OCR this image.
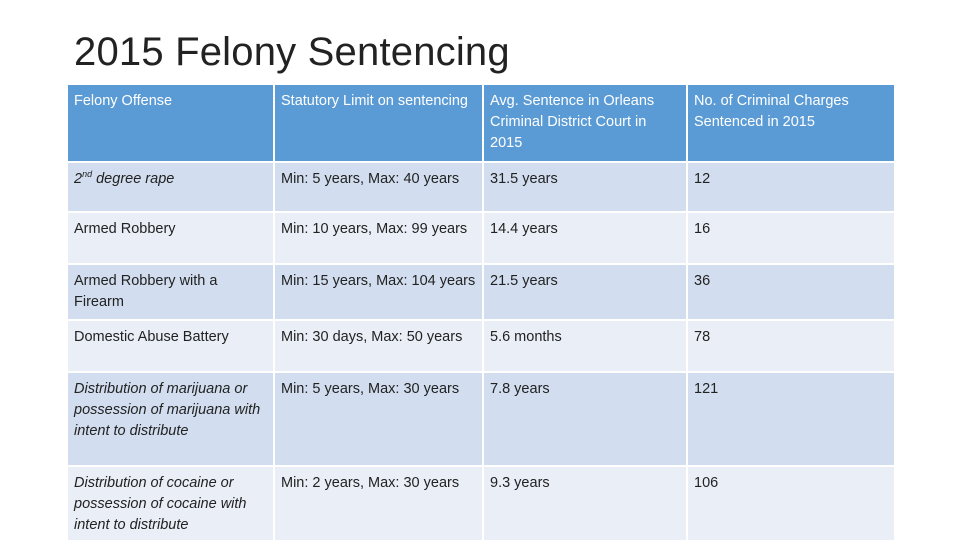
2015 Felony Sentencing
Felony Offense	Statutory Limit on sentencing	Avg. Sentence in Orleans Criminal District Court in 2015	No. of Criminal Charges Sentenced in 2015
2nd degree rape	Min: 5 years, Max: 40 years	31.5 years	12
Armed Robbery	Min: 10 years, Max: 99 years	14.4 years	16
Armed Robbery with a Firearm	Min: 15 years, Max: 104 years	21.5 years	36
Domestic Abuse Battery	Min: 30 days, Max: 50 years	5.6 months	78
Distribution of marijuana or possession of marijuana with intent to distribute	Min: 5 years, Max: 30 years	7.8 years	121
Distribution of cocaine or possession of cocaine with intent to distribute	Min: 2 years, Max: 30 years	9.3 years	106
